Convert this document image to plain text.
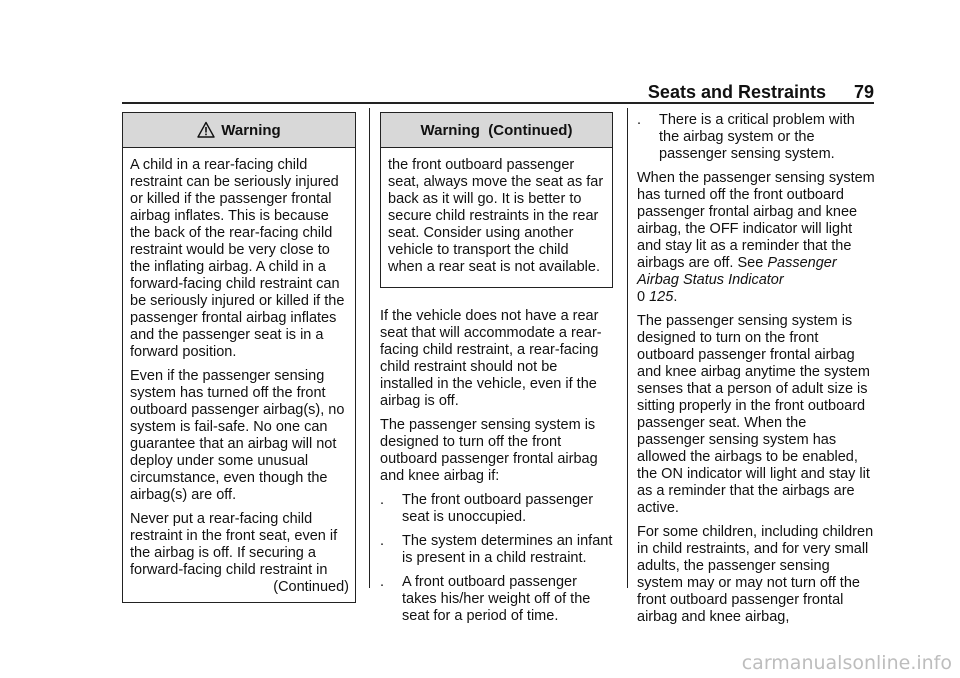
Seats and Restraints 79
Warning

A child in a rear-facing child restraint can be seriously injured or killed if the passenger frontal airbag inflates. This is because the back of the rear-facing child restraint would be very close to the inflating airbag. A child in a forward-facing child restraint can be seriously injured or killed if the passenger frontal airbag inflates and the passenger seat is in a forward position.

Even if the passenger sensing system has turned off the front outboard passenger airbag(s), no system is fail-safe. No one can guarantee that an airbag will not deploy under some unusual circumstance, even though the airbag(s) are off.

Never put a rear-facing child restraint in the front seat, even if the airbag is off. If securing a forward-facing child restraint in

(Continued)
Warning  (Continued)

the front outboard passenger seat, always move the seat as far back as it will go. It is better to secure child restraints in the rear seat. Consider using another vehicle to transport the child when a rear seat is not available.

If the vehicle does not have a rear seat that will accommodate a rear-facing child restraint, a rear-facing child restraint should not be installed in the vehicle, even if the airbag is off.

The passenger sensing system is designed to turn off the front outboard passenger frontal airbag and knee airbag if:

. The front outboard passenger seat is unoccupied.
. The system determines an infant is present in a child restraint.
. A front outboard passenger takes his/her weight off of the seat for a period of time.
. There is a critical problem with the airbag system or the passenger sensing system.

When the passenger sensing system has turned off the front outboard passenger frontal airbag and knee airbag, the OFF indicator will light and stay lit as a reminder that the airbags are off. See Passenger Airbag Status Indicator
0 125.

The passenger sensing system is designed to turn on the front outboard passenger frontal airbag and knee airbag anytime the system senses that a person of adult size is sitting properly in the front outboard passenger seat. When the passenger sensing system has allowed the airbags to be enabled, the ON indicator will light and stay lit as a reminder that the airbags are active.

For some children, including children in child restraints, and for very small adults, the passenger sensing system may or may not turn off the front outboard passenger frontal airbag and knee airbag,

carmanualsonline.info
